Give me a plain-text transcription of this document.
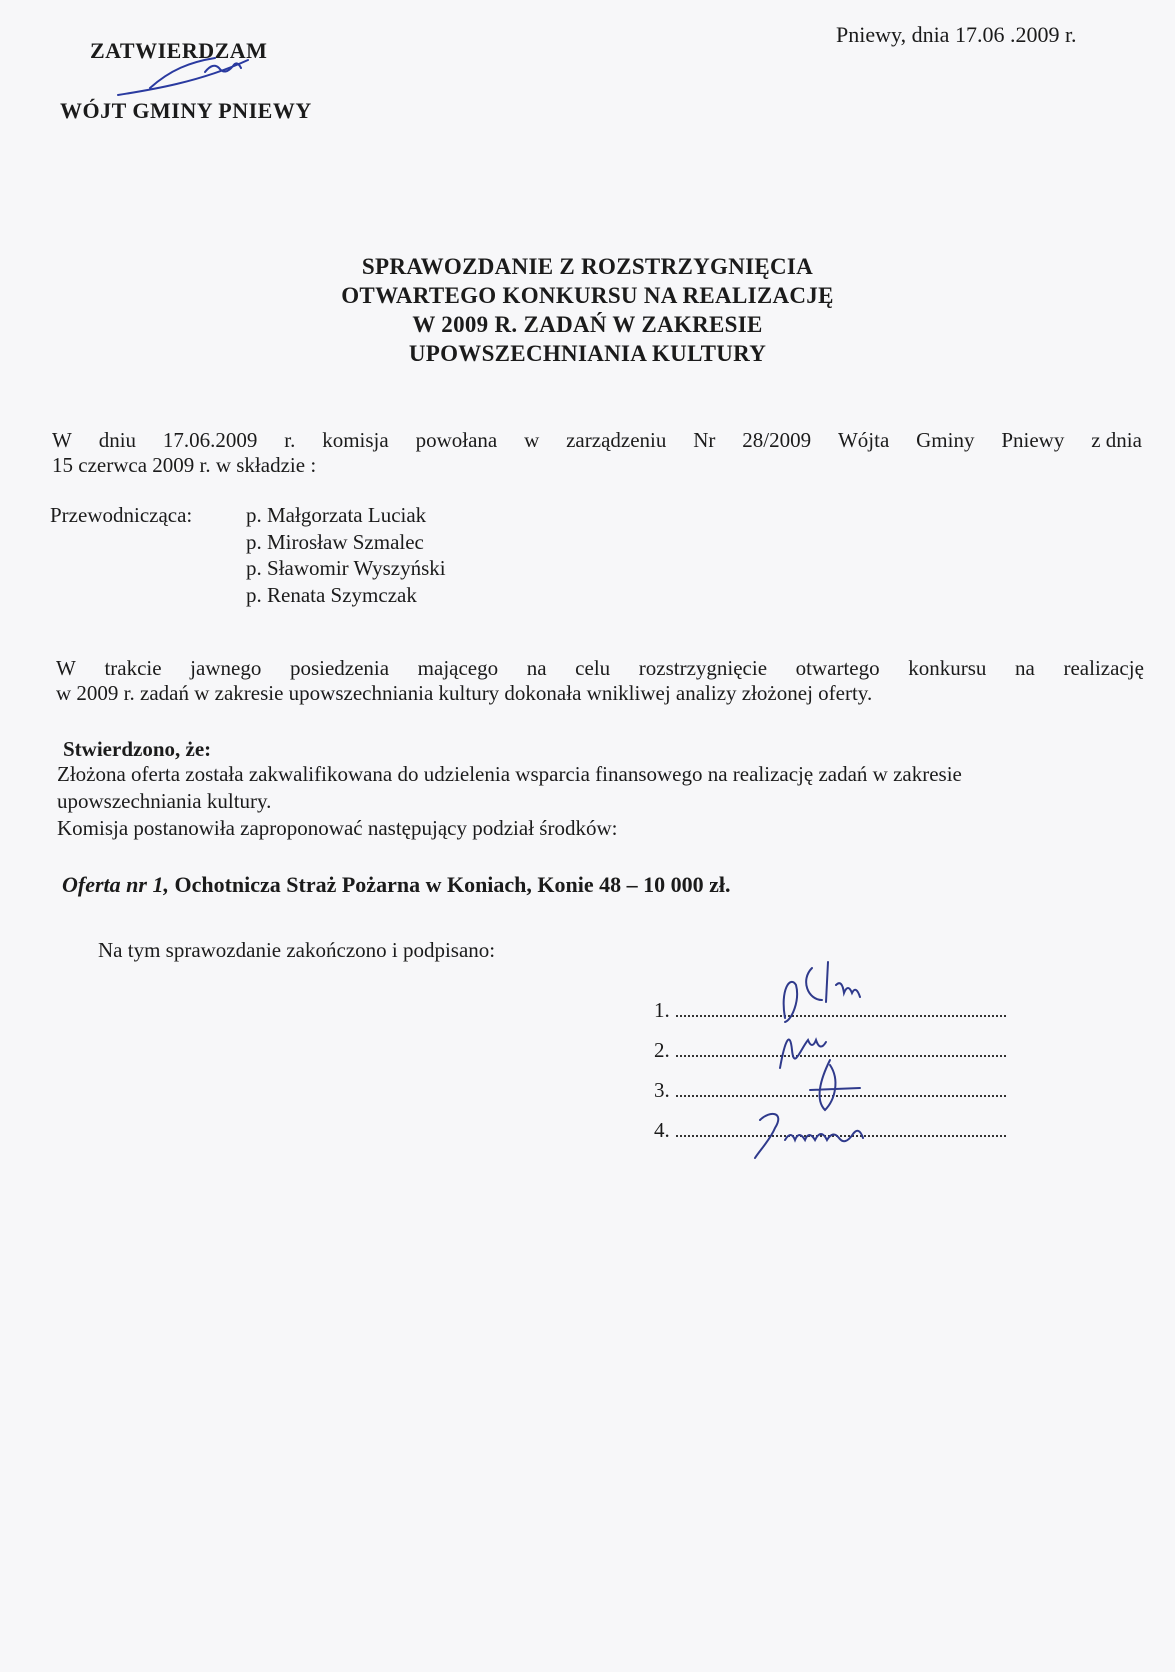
ZATWIERDZAM
WÓJT GMINY PNIEWY
Pniewy, dnia 17.06 .2009 r.
SPRAWOZDANIE Z ROZSTRZYGNIĘCIA
OTWARTEGO KONKURSU NA REALIZACJĘ
W 2009 R. ZADAŃ W ZAKRESIE
UPOWSZECHNIANIA KULTURY
W dniu 17.06.2009 r. komisja powołana w zarządzeniu Nr 28/2009 Wójta Gminy Pniewy z dnia
15 czerwca 2009 r. w składzie :
Przewodnicząca:	p. Małgorzata Luciak
p. Mirosław Szmalec
p. Sławomir Wyszyński
p. Renata Szymczak
W trakcie jawnego posiedzenia mającego na celu rozstrzygnięcie otwartego konkursu na realizację
w 2009 r. zadań w zakresie upowszechniania kultury dokonała wnikliwej analizy złożonej oferty.
Stwierdzono, że:
Złożona oferta została zakwalifikowana do udzielenia wsparcia finansowego na realizację zadań w zakresie
upowszechniania kultury.
Komisja postanowiła zaproponować następujący podział środków:
Oferta nr 1, Ochotnicza Straż Pożarna w Koniach, Konie 48 – 10 000 zł.
Na tym sprawozdanie zakończono i podpisano:
1.
2.
3.
4.
